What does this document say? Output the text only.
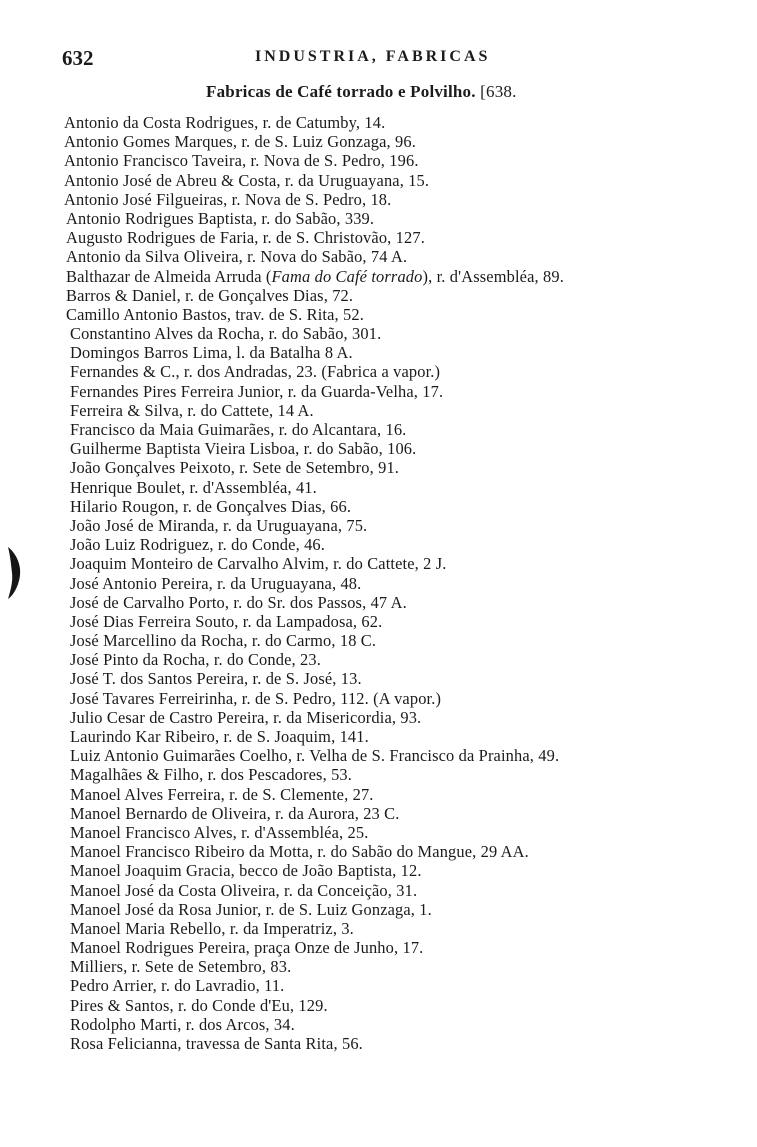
632	INDUSTRIA, FABRICAS
Fabricas de Café torrado e Polvilho. [638.
Antonio da Costa Rodrigues, r. de Catumby, 14.
Antonio Gomes Marques, r. de S. Luiz Gonzaga, 96.
Antonio Francisco Taveira, r. Nova de S. Pedro, 196.
Antonio José de Abreu & Costa, r. da Uruguayana, 15.
Antonio José Filgueiras, r. Nova de S. Pedro, 18.
Antonio Rodrigues Baptista, r. do Sabão, 339.
Augusto Rodrigues de Faria, r. de S. Christovão, 127.
Antonio da Silva Oliveira, r. Nova do Sabão, 74 A.
Balthazar de Almeida Arruda (Fama do Café torrado), r. d'Assembléa, 89.
Barros & Daniel, r. de Gonçalves Dias, 72.
Camillo Antonio Bastos, trav. de S. Rita, 52.
Constantino Alves da Rocha, r. do Sabão, 301.
Domingos Barros Lima, l. da Batalha 8 A.
Fernandes & C., r. dos Andradas, 23. (Fabrica a vapor.)
Fernandes Pires Ferreira Junior, r. da Guarda-Velha, 17.
Ferreira & Silva, r. do Cattete, 14 A.
Francisco da Maia Guimarães, r. do Alcantara, 16.
Guilherme Baptista Vieira Lisboa, r. do Sabão, 106.
João Gonçalves Peixoto, r. Sete de Setembro, 91.
Henrique Boulet, r. d'Assembléa, 41.
Hilario Rougon, r. de Gonçalves Dias, 66.
João José de Miranda, r. da Uruguayana, 75.
João Luiz Rodriguez, r. do Conde, 46.
Joaquim Monteiro de Carvalho Alvim, r. do Cattete, 2 J.
José Antonio Pereira, r. da Uruguayana, 48.
José de Carvalho Porto, r. do Sr. dos Passos, 47 A.
José Dias Ferreira Souto, r. da Lampadosa, 62.
José Marcellino da Rocha, r. do Carmo, 18 C.
José Pinto da Rocha, r. do Conde, 23.
José T. dos Santos Pereira, r. de S. José, 13.
José Tavares Ferreirinha, r. de S. Pedro, 112. (A vapor.)
Julio Cesar de Castro Pereira, r. da Misericordia, 93.
Laurindo Kar Ribeiro, r. de S. Joaquim, 141.
Luiz Antonio Guimarães Coelho, r. Velha de S. Francisco da Prainha, 49.
Magalhães & Filho, r. dos Pescadores, 53.
Manoel Alves Ferreira, r. de S. Clemente, 27.
Manoel Bernardo de Oliveira, r. da Aurora, 23 C.
Manoel Francisco Alves, r. d'Assembléa, 25.
Manoel Francisco Ribeiro da Motta, r. do Sabão do Mangue, 29 AA.
Manoel Joaquim Gracia, becco de João Baptista, 12.
Manoel José da Costa Oliveira, r. da Conceição, 31.
Manoel José da Rosa Junior, r. de S. Luiz Gonzaga, 1.
Manoel Maria Rebello, r. da Imperatriz, 3.
Manoel Rodrigues Pereira, praça Onze de Junho, 17.
Milliers, r. Sete de Setembro, 83.
Pedro Arrier, r. do Lavradio, 11.
Pires & Santos, r. do Conde d'Eu, 129.
Rodolpho Marti, r. dos Arcos, 34.
Rosa Felicianna, travessa de Santa Rita, 56.
